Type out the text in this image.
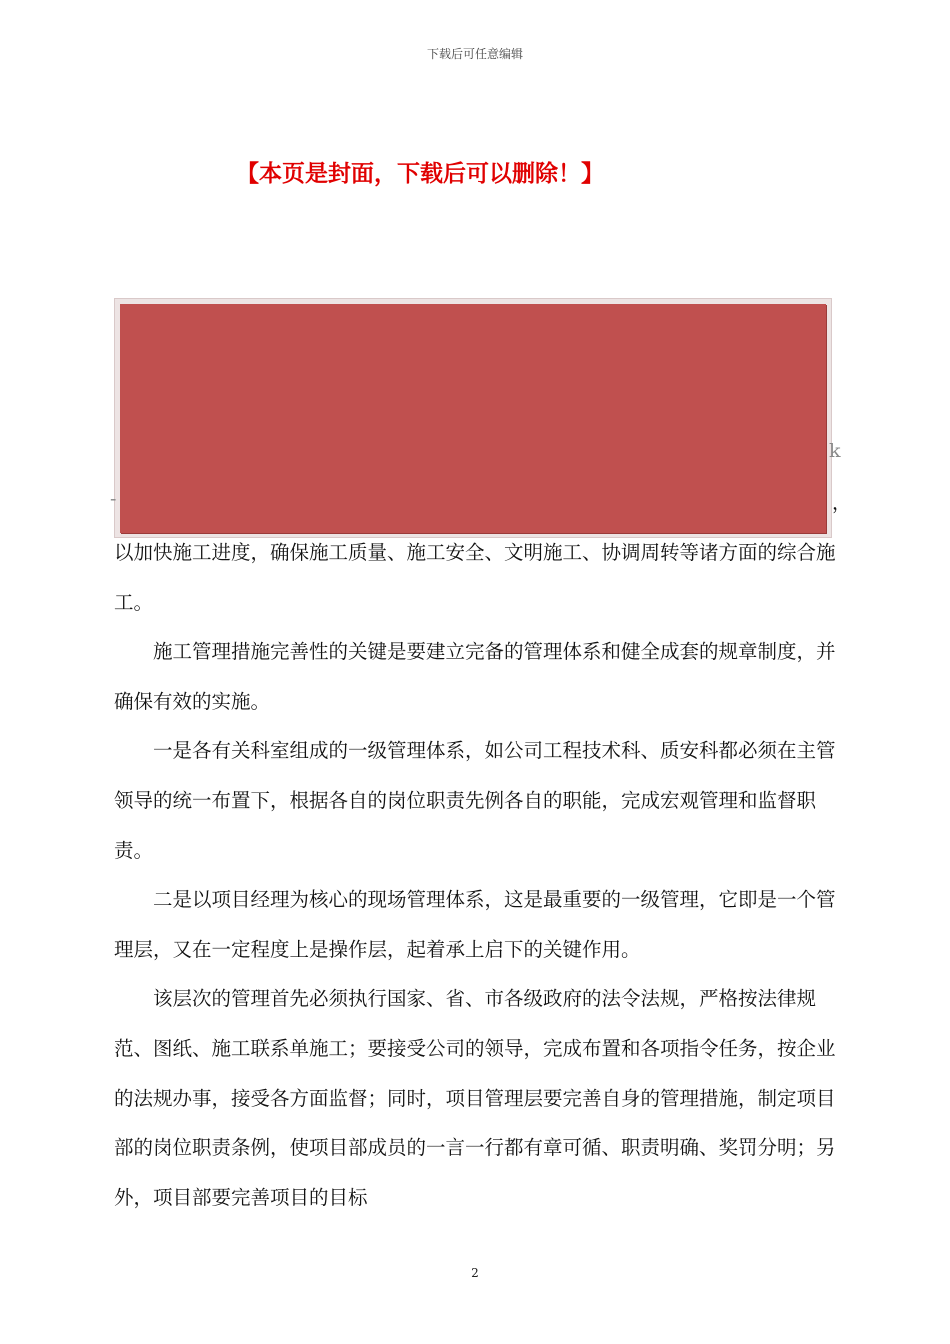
下载后可任意编辑
【本页是封面，下载后可以删除！】
k
-	，

以加快施工进度，确保施工质量、施工安全、文明施工、协调周转等诸方面的综合施工。

施工管理措施完善性的关键是要建立完备的管理体系和健全成套的规章制度，并确保有效的实施。

一是各有关科室组成的一级管理体系，如公司工程技术科、质安科都必须在主管领导的统一布置下，根据各自的岗位职责先例各自的职能，完成宏观管理和监督职责。

二是以项目经理为核心的现场管理体系，这是最重要的一级管理，它即是一个管理层，又在一定程度上是操作层，起着承上启下的关键作用。

该层次的管理首先必须执行国家、省、市各级政府的法令法规，严格按法律规范、图纸、施工联系单施工；要接受公司的领导，完成布置和各项指令任务，按企业的法规办事，接受各方面监督；同时，项目管理层要完善自身的管理措施，制定项目部的岗位职责条例，使项目部成员的一言一行都有章可循、职责明确、奖罚分明；另外，项目部要完善项目的目标

2
